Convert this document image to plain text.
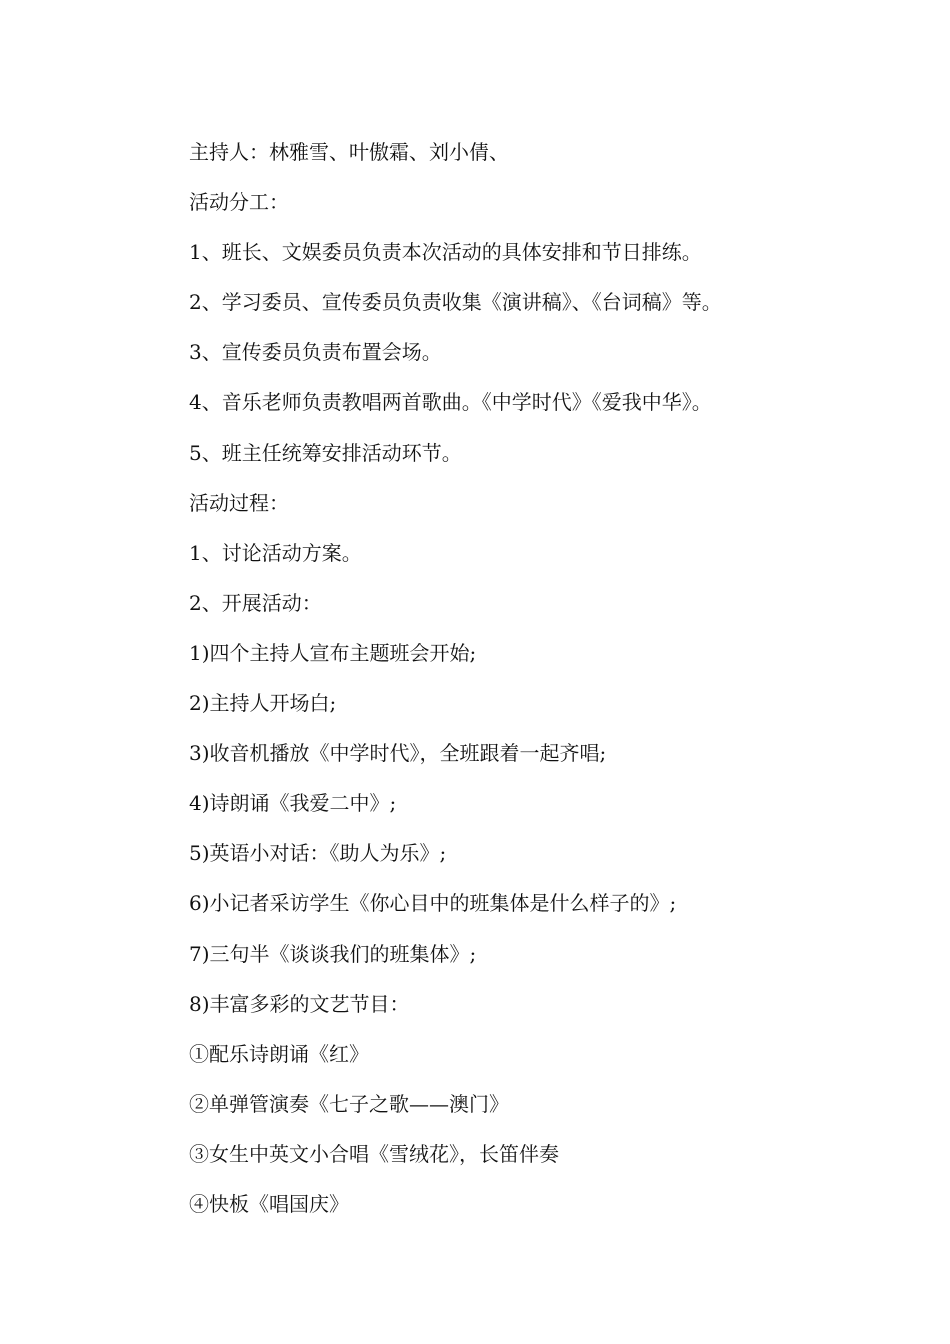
主持人：林雅雪、叶傲霜、刘小倩、
活动分工：
1、班长、文娱委员负责本次活动的具体安排和节日排练。
2、学习委员、宣传委员负责收集《演讲稿》、《台词稿》等。
3、宣传委员负责布置会场。
4、音乐老师负责教唱两首歌曲。《中学时代》《爱我中华》。
5、班主任统筹安排活动环节。
活动过程：
1、讨论活动方案。
2、开展活动：
1)四个主持人宣布主题班会开始;
2)主持人开场白;
3)收音机播放《中学时代》，全班跟着一起齐唱;
4)诗朗诵《我爱二中》;
5)英语小对话：《助人为乐》;
6)小记者采访学生《你心目中的班集体是什么样子的》;
7)三句半《谈谈我们的班集体》;
8)丰富多彩的文艺节目：
①配乐诗朗诵《红》
②单弹管演奏《七子之歌——澳门》
③女生中英文小合唱《雪绒花》，长笛伴奏
④快板《唱国庆》
